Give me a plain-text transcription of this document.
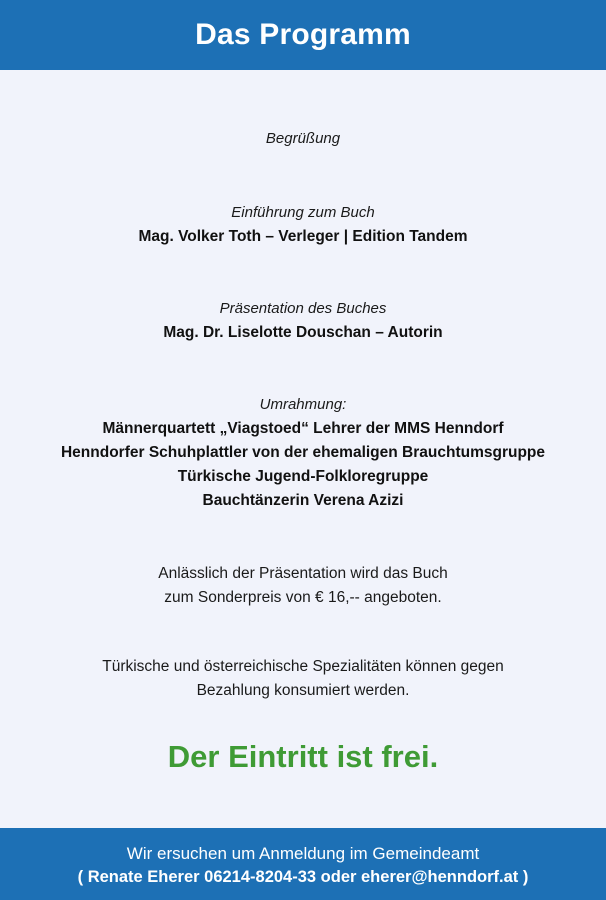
Das Programm
Begrüßung
Einführung zum Buch
Mag. Volker Toth – Verleger | Edition Tandem
Präsentation des Buches
Mag. Dr. Liselotte Douschan – Autorin
Umrahmung:
Männerquartett „Viagstoed“ Lehrer der MMS Henndorf
Henndorfer Schuhplattler von der ehemaligen Brauchtumsgruppe
Türkische Jugend-Folkloregruppe
Bauchtänzerin Verena Azizi
Anlässlich der Präsentation wird das Buch
zum Sonderpreis von € 16,-- angeboten.
Türkische und österreichische Spezialitäten können gegen
Bezahlung konsumiert werden.
Der Eintritt ist frei.
Wir ersuchen um Anmeldung im Gemeindeamt
( Renate Eherer 06214-8204-33 oder eherer@henndorf.at )
